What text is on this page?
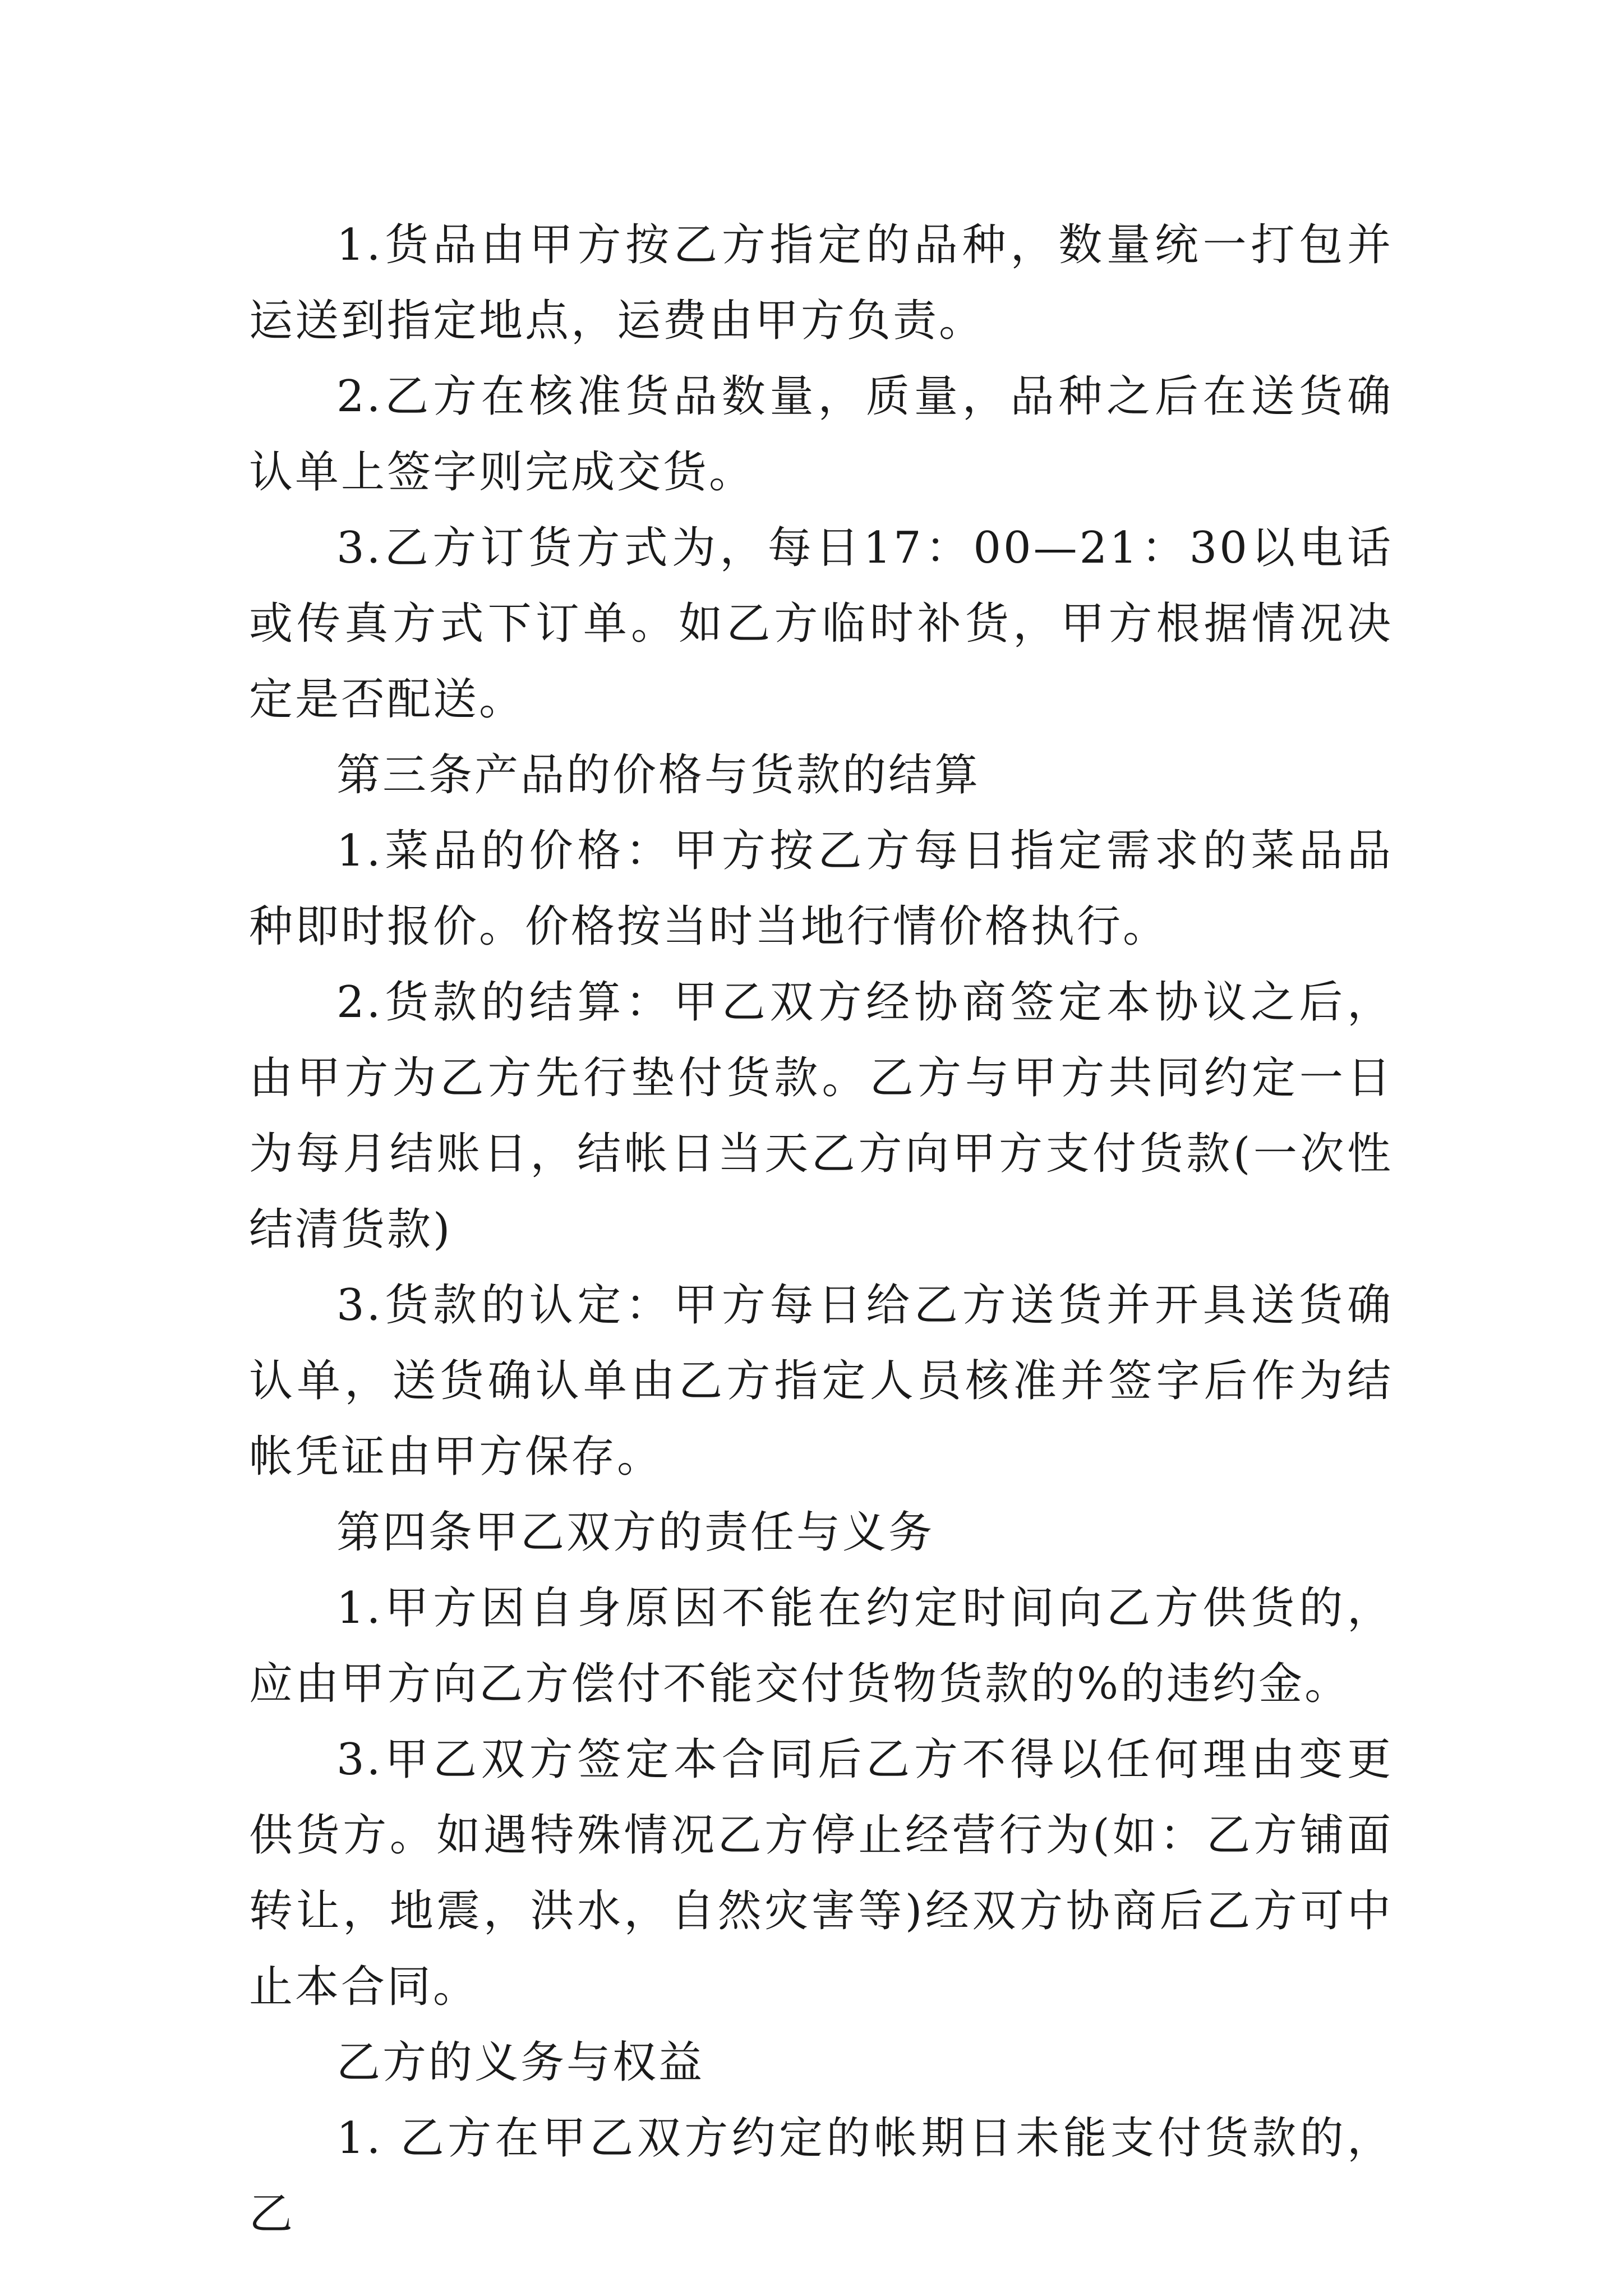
1.货品由甲方按乙方指定的品种，数量统一打包并运送到指定地点，运费由甲方负责。

2.乙方在核准货品数量，质量，品种之后在送货确认单上签字则完成交货。

3.乙方订货方式为，每日17：00—21：30以电话或传真方式下订单。如乙方临时补货，甲方根据情况决定是否配送。

第三条产品的价格与货款的结算

1.菜品的价格：甲方按乙方每日指定需求的菜品品种即时报价。价格按当时当地行情价格执行。

2.货款的结算：甲乙双方经协商签定本协议之后，由甲方为乙方先行垫付货款。乙方与甲方共同约定一日为每月结账日，结帐日当天乙方向甲方支付货款(一次性结清货款)

3.货款的认定：甲方每日给乙方送货并开具送货确认单，送货确认单由乙方指定人员核准并签字后作为结帐凭证由甲方保存。

第四条甲乙双方的责任与义务

1.甲方因自身原因不能在约定时间向乙方供货的，应由甲方向乙方偿付不能交付货物货款的%的违约金。

3.甲乙双方签定本合同后乙方不得以任何理由变更供货方。如遇特殊情况乙方停止经营行为(如：乙方铺面转让，地震，洪水，自然灾害等)经双方协商后乙方可中止本合同。

乙方的义务与权益

1. 乙方在甲乙双方约定的帐期日未能支付货款的，乙
